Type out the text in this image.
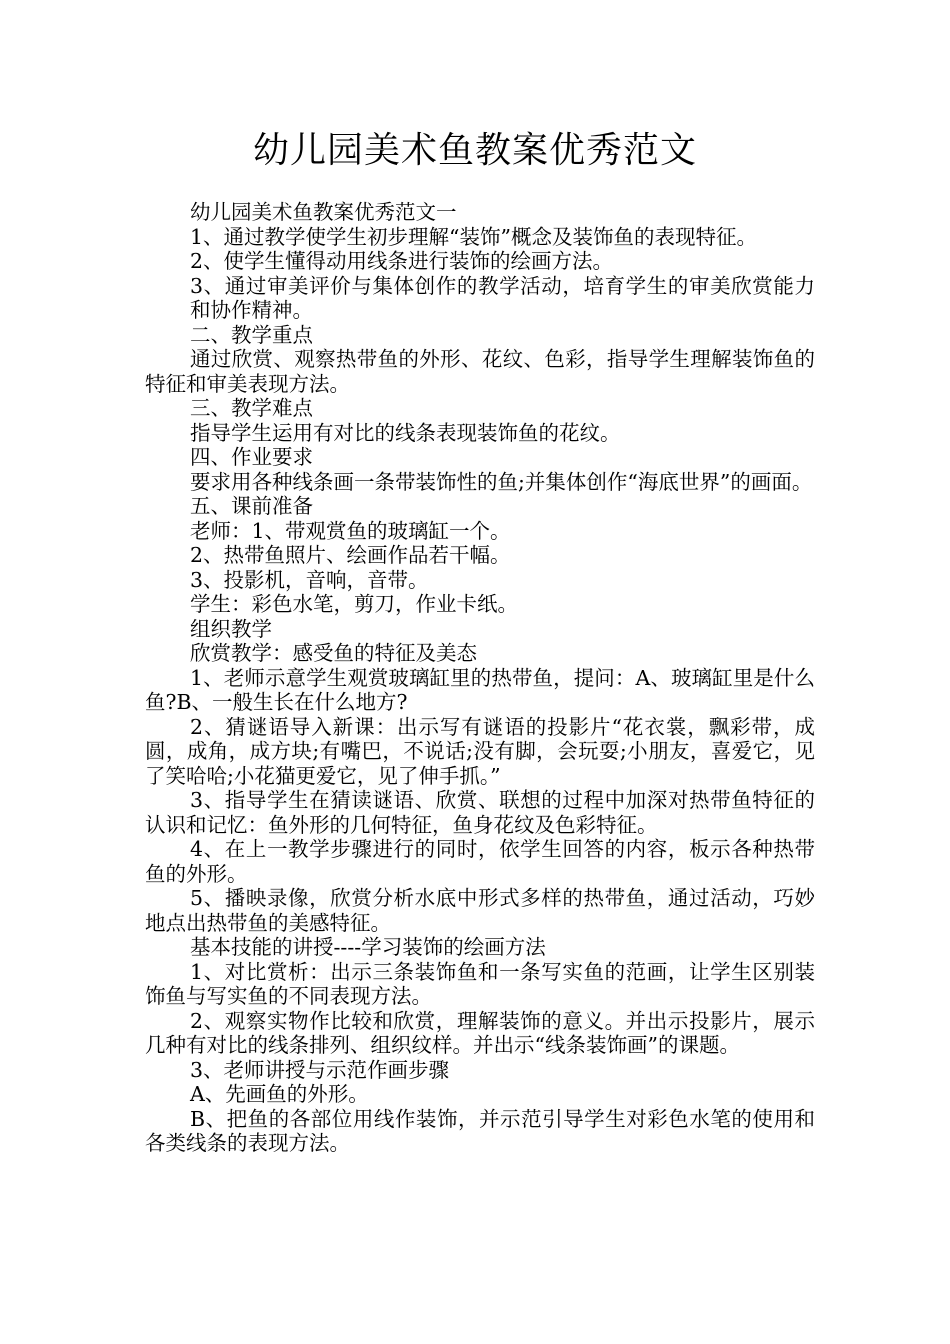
幼儿园美术鱼教案优秀范文

幼儿园美术鱼教案优秀范文一

1、通过教学使学生初步理解“装饰”概念及装饰鱼的表现特征。

2、使学生懂得动用线条进行装饰的绘画方法。

3、通过审美评价与集体创作的教学活动，培育学生的审美欣赏能力和协作精神。

二、教学重点

通过欣赏、观察热带鱼的外形、花纹、色彩，指导学生理解装饰鱼的特征和审美表现方法。

三、教学难点

指导学生运用有对比的线条表现装饰鱼的花纹。

四、作业要求

要求用各种线条画一条带装饰性的鱼;并集体创作“海底世界”的画面。

五、课前准备

老师：1、带观赏鱼的玻璃缸一个。

2、热带鱼照片、绘画作品若干幅。

3、投影机，音响，音带。

学生：彩色水笔，剪刀，作业卡纸。

组织教学

欣赏教学：感受鱼的特征及美态

1、老师示意学生观赏玻璃缸里的热带鱼，提问：A、玻璃缸里是什么鱼?B、一般生长在什么地方?

2、猜谜语导入新课：出示写有谜语的投影片“花衣裳，飘彩带，成圆，成角，成方块;有嘴巴，不说话;没有脚，会玩耍;小朋友，喜爱它，见了笑哈哈;小花猫更爱它，见了伸手抓。”

3、指导学生在猜读谜语、欣赏、联想的过程中加深对热带鱼特征的认识和记忆：鱼外形的几何特征，鱼身花纹及色彩特征。

4、在上一教学步骤进行的同时，依学生回答的内容，板示各种热带鱼的外形。

5、播映录像，欣赏分析水底中形式多样的热带鱼，通过活动，巧妙地点出热带鱼的美感特征。

基本技能的讲授----学习装饰的绘画方法

1、对比赏析：出示三条装饰鱼和一条写实鱼的范画，让学生区别装饰鱼与写实鱼的不同表现方法。

2、观察实物作比较和欣赏，理解装饰的意义。并出示投影片，展示几种有对比的线条排列、组织纹样。并出示“线条装饰画”的课题。

3、老师讲授与示范作画步骤

A、先画鱼的外形。

B、把鱼的各部位用线作装饰，并示范引导学生对彩色水笔的使用和各类线条的表现方法。
